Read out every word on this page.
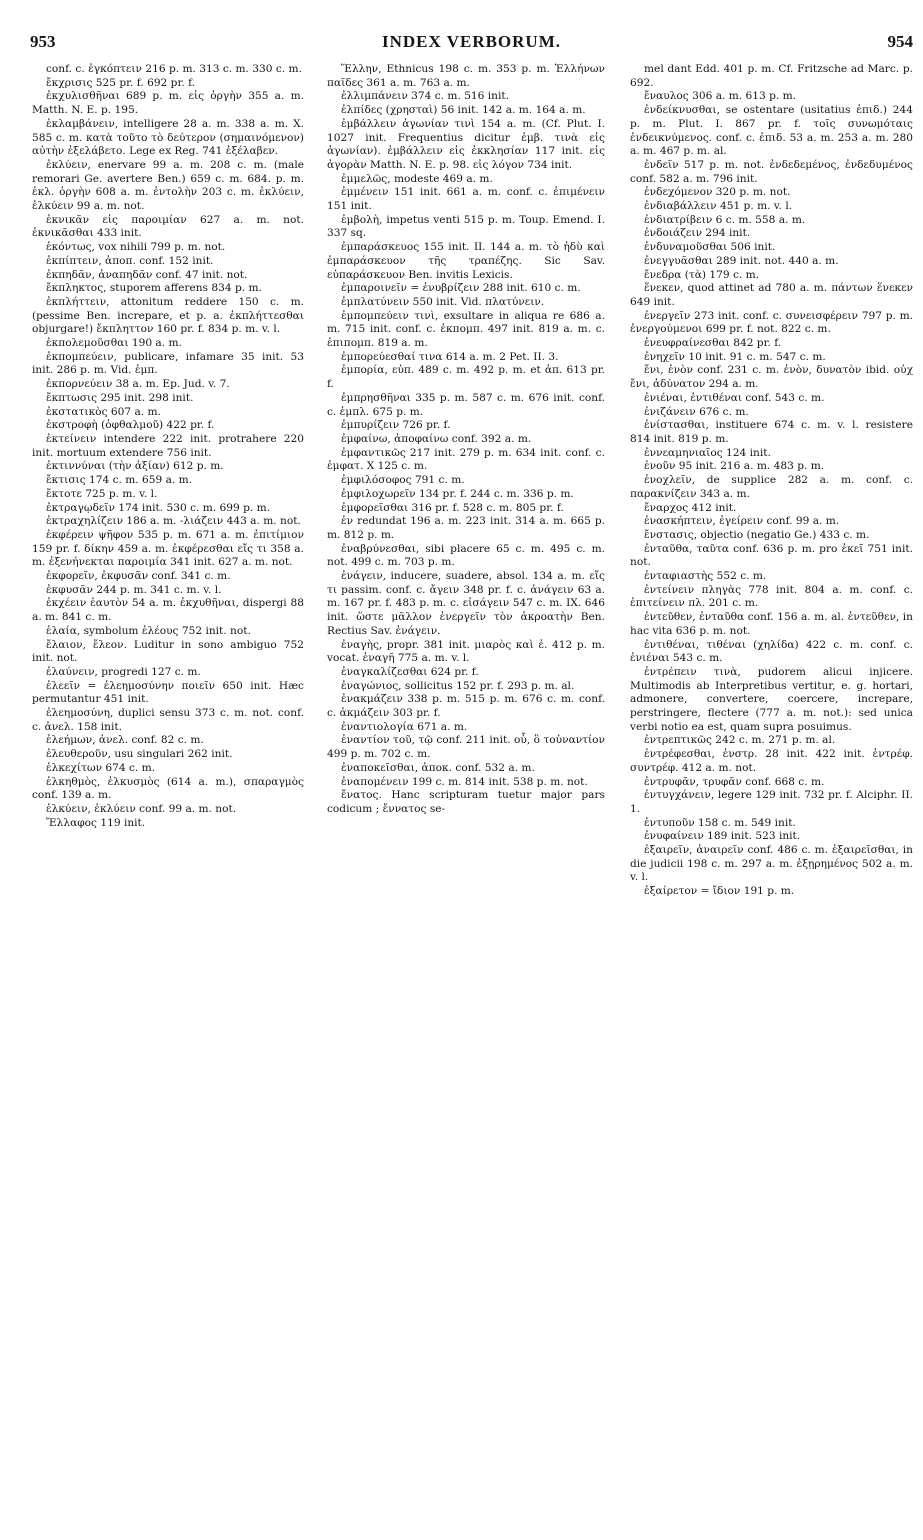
953	INDEX VERBORUM.	954

conf. c. ἐγκόπτειν 216 p. m. 313 c. m. 330 c. m.

ἔκχρισις 525 pr. f. 692 pr. f.

ἐκχυλισθῆναι 689 p. m. εἰς ὀργὴν 355 a. m. Matth. N. E. p. 195.

ἐκλαμβάνειν, intelligere 28 a. m. 338 a. m. X. 585 c. m. κατὰ τοῦτο τὸ δεύτερον (σημαινόμενον) αὐτὴν ἐξελάβετο. Lege ex Reg. 741 ἐξέλαβεν.

ἐκλύειν, enervare 99 a. m. 208 c. m. (male remorari Ge. avertere Ben.) 659 c. m. 684. p. m. ἐκλ. ὀργὴν 608 a. m. ἐντολὴν 203 c. m. ἐκλύειν, ἑλκύειν 99 a. m. not.

ἐκνικᾶν εἰς παροιμίαν 627 a. m. not. ἐκνικᾶσθαι 433 init.

ἑκόντως, vox nihili 799 p. m. not.

ἐκπίπτειν, ἀποπ. conf. 152 init.

ἐκπηδᾶν, ἀναπηδᾶν conf. 47 init. not.

ἔκπληκτος, stuporem afferens 834 p. m.

ἐκπλήττειν, attonitum reddere 150 c. m. (pessime Ben. increpare, et p. a. ἐκπλήττεσθαι objurgare!) ἔκπληττον 160 pr. f. 834 p. m. v. l.

ἐκπολεμοῦσθαι 190 a. m.

ἐκπομπεύειν, publicare, infamare 35 init. 53 init. 286 p. m. Vid. ἐμπ.

ἐκπορνεύειν 38 a. m. Ep. Jud. v. 7.

ἔκπτωσις 295 init. 298 init.

ἐκστατικὸς 607 a. m.

ἐκστροφὴ (ὀφθαλμοῦ) 422 pr. f.

ἐκτείνειν intendere 222 init. protrahere 220 init. mortuum extendere 756 init.

ἐκτιννύναι (τὴν ἀξίαν) 612 p. m.

ἔκτισις 174 c. m. 659 a. m.

ἔκτοτε 725 p. m. v. l.

ἐκτραγῳδεῖν 174 init. 530 c. m. 699 p. m.

ἐκτραχηλίζειν 186 a. m. -λιάζειν 443 a. m. not.

ἐκφέρειν ψῆφον 535 p. m. 671 a. m. ἐπιτίμιον 159 pr. f. δίκην 459 a. m. ἐκφέρεσθαι εἴς τι 358 a. m. ἐξενήνεκται παροιμία 341 init. 627 a. m. not.

ἐκφορεῖν, ἐκφυσᾶν conf. 341 c. m.

ἐκφυσᾶν 244 p. m. 341 c. m. v. l.

ἐκχέειν ἑαυτὸν 54 a. m. ἐκχυθῆναι, dispergi 88 a. m. 841 c. m.

ἐλαία, symbolum ἐλέους 752 init. not.

ἔλαιον, ἔλεον. Luditur in sono ambiguo 752 init. not.

ἐλαύνειν, progredi 127 c. m.

ἐλεεῖν = ἐλεημοσύνην ποιεῖν 650 init. Hæc permutantur 451 init.

ἐλεημοσύνη, duplici sensu 373 c. m. not. conf. c. ἀνελ. 158 init.

ἐλεήμων, ἀνελ. conf. 82 c. m.

ἐλευθεροῦν, usu singulari 262 init.

ἑλκεχίτων 674 c. m.

ἑλκηθμὸς, ἑλκυσμὸς (614 a. m.), σπαραγμὸς conf. 139 a. m.

ἑλκύειν, ἐκλύειν conf. 99 a. m. not.

Ἔλλαφος 119 init.

Ἕλλην, Ethnicus 198 c. m. 353 p. m. Ἑλλήνων παῖδες 361 a. m. 763 a. m.

ἐλλιμπάνειν 374 c. m. 516 init.

ἐλπίδες (χρησταὶ) 56 init. 142 a. m. 164 a. m.

ἐμβάλλειν ἀγωνίαν τινὶ 154 a. m. (Cf. Plut. I. 1027 init. Frequentius dicitur ἐμβ. τινὰ εἰς ἀγωνίαν). ἐμβάλλειν εἰς ἐκκλησίαν 117 init. εἰς ἀγορὰν Matth. N. E. p. 98. εἰς λόγον 734 init.

ἐμμελῶς, modeste 469 a. m.

ἐμμένειν 151 init. 661 a. m. conf. c. ἐπιμένειν 151 init.

ἐμβολὴ, impetus venti 515 p. m. Toup. Emend. I. 337 sq.

ἐμπαράσκευος 155 init. II. 144 a. m. τὸ ἡδὺ καὶ ἐμπαράσκευον τῆς τραπέζης. Sic Sav. εὐπαράσκευον Ben. invitis Lexicis.

ἐμπαροινεῖν = ἐνυβρίζειν 288 init. 610 c. m.

ἐμπλατύνειν 550 init. Vid. πλατύνειν.

ἐμπομπεύειν τινὶ, exsultare in aliqua re 686 a. m. 715 init. conf. c. ἐκπομπ. 497 init. 819 a. m. c. ἐπιπομπ. 819 a. m.

ἐμπορεύεσθαί τινα 614 a. m. 2 Pet. II. 3.

ἐμπορία, εὐπ. 489 c. m. 492 p. m. et ἀπ. 613 pr. f.

ἐμπρησθῆναι 335 p. m. 587 c. m. 676 init. conf. c. ἐμπλ. 675 p. m.

ἐμπυρίζειν 726 pr. f.

ἐμφαίνω, ἀποφαίνω conf. 392 a. m.

ἐμφαντικῶς 217 init. 279 p. m. 634 init. conf. c. ἐμφατ. X 125 c. m.

ἐμφιλόσοφος 791 c. m.

ἐμφιλοχωρεῖν 134 pr. f. 244 c. m. 336 p. m.

ἐμφορεῖσθαι 316 pr. f. 528 c. m. 805 pr. f.

ἐν redundat 196 a. m. 223 init. 314 a. m. 665 p. m. 812 p. m.

ἐναβρύνεσθαι, sibi placere 65 c. m. 495 c. m. not. 499 c. m. 703 p. m.

ἐνάγειν, inducere, suadere, absol. 134 a. m. εἴς τι passim. conf. c. ἄγειν 348 pr. f. c. ἀνάγειν 63 a. m. 167 pr. f. 483 p. m. c. εἰσάγειν 547 c. m. IX. 646 init. ὥστε μᾶλλον ἐνεργεῖν τὸν ἀκροατὴν Ben. Rectius Sav. ἐνάγειν.

ἐναγὴς, propr. 381 init. μιαρὸς καὶ ἐ. 412 p. m. vocat. ἐναγῆ 775 a. m. v. l.

ἐναγκαλίζεσθαι 624 pr. f.

ἐναγώνιος, sollicitus 152 pr. f. 293 p. m. al.

ἐνακμάζειν 338 p. m. 515 p. m. 676 c. m. conf. c. ἀκμάζειν 303 pr. f.

ἐναντιολογία 671 a. m.

ἐναντίον τοῦ, τῷ conf. 211 init. οὗ, ὃ τοὐναντίον 499 p. m. 702 c. m.

ἐναποκεῖσθαι, ἀποκ. conf. 532 a. m.

ἐναπομένειν 199 c. m. 814 init. 538 p. m. not.

ἔνατος. Hanc scripturam tuetur major pars codicum ; ἔννατος se-

mel dant Edd. 401 p. m. Cf. Fritzsche ad Marc. p. 692.

ἔναυλος 306 a. m. 613 p. m.

ἐνδείκνυσθαι, se ostentare (usitatius ἐπιδ.) 244 p. m. Plut. I. 867 pr. f. τοῖς συνωμόταις ἐνδεικνύμενος. conf. c. ἐπιδ. 53 a. m. 253 a. m. 280 a. m. 467 p. m. al.

ἐνδεῖν 517 p. m. not. ἐνδεδεμένος, ἐνδεδυμένος conf. 582 a. m. 796 init.

ἐνδεχόμενον 320 p. m. not.

ἐνδιαβάλλειν 451 p. m. v. l.

ἐνδιατρίβειν 6 c. m. 558 a. m.

ἐνδοιάζειν 294 init.

ἐνδυναμοῦσθαι 506 init.

ἐνεγγυᾶσθαι 289 init. not. 440 a. m.

ἔνεδρα (τὰ) 179 c. m.

ἕνεκεν, quod attinet ad 780 a. m. πάντων ἕνεκεν 649 init.

ἐνεργεῖν 273 init. conf. c. συνεισφέρειν 797 p. m. ἐνεργούμενοι 699 pr. f. not. 822 c. m.

ἐνευφραίνεσθαι 842 pr. f.

ἐνηχεῖν 10 init. 91 c. m. 547 c. m.

ἔνι, ἐνὸν conf. 231 c. m. ἐνὸν, δυνατὸν ibid. οὐχ ἔνι, ἀδύνατον 294 a. m.

ἐνιέναι, ἐντιθέναι conf. 543 c. m.

ἐνιζάνειν 676 c. m.

ἐνίστασθαι, instituere 674 c. m. v. l. resistere 814 init. 819 p. m.

ἐννεαμηνιαῖος 124 init.

ἐνοῦν 95 init. 216 a. m. 483 p. m.

ἐνοχλεῖν, de supplice 282 a. m. conf. c. παρακνίζειν 343 a. m.

ἔναρχος 412 init.

ἐνασκήπτειν, ἐγείρειν conf. 99 a. m.

ἔνστασις, objectio (negatio Ge.) 433 c. m.

ἐνταῦθα, ταῦτα conf. 636 p. m. pro ἐκεῖ 751 init. not.

ἐνταφιαστὴς 552 c. m.

ἐντείνειν πληγὰς 778 init. 804 a. m. conf. c. ἐπιτείνειν πλ. 201 c. m.

ἐντεῦθεν, ἐνταῦθα conf. 156 a. m. al. ἐντεῦθεν, in hac vita 636 p. m. not.

ἐντιθέναι, τιθέναι (χηλίδα) 422 c. m. conf. c. ἐνιέναι 543 c. m.

ἐντρέπειν τινὰ, pudorem alicui injicere. Multimodis ab Interpretibus vertitur, e. g. hortari, admonere, convertere, coercere, increpare, perstringere, flectere (777 a. m. not.): sed unica verbi notio ea est, quam supra posuimus.

ἐντρεπτικῶς 242 c. m. 271 p. m. al.

ἐντρέφεσθαι, ἐνστρ. 28 init. 422 init. ἐντρέφ. συντρέφ. 412 a. m. not.

ἐντρυφᾶν, τρυφᾶν conf. 668 c. m.

ἐντυγχάνειν, legere 129 init. 732 pr. f. Alciphr. II. 1.

ἐντυποῦν 158 c. m. 549 init.

ἐνυφαίνειν 189 init. 523 init.

ἐξαιρεῖν, ἀναιρεῖν conf. 486 c. m. ἐξαιρεῖσθαι, in die judicii 198 c. m. 297 a. m. ἐξῃρημένος 502 a. m. v. l.

ἐξαίρετον = ἴδιον 191 p. m.
